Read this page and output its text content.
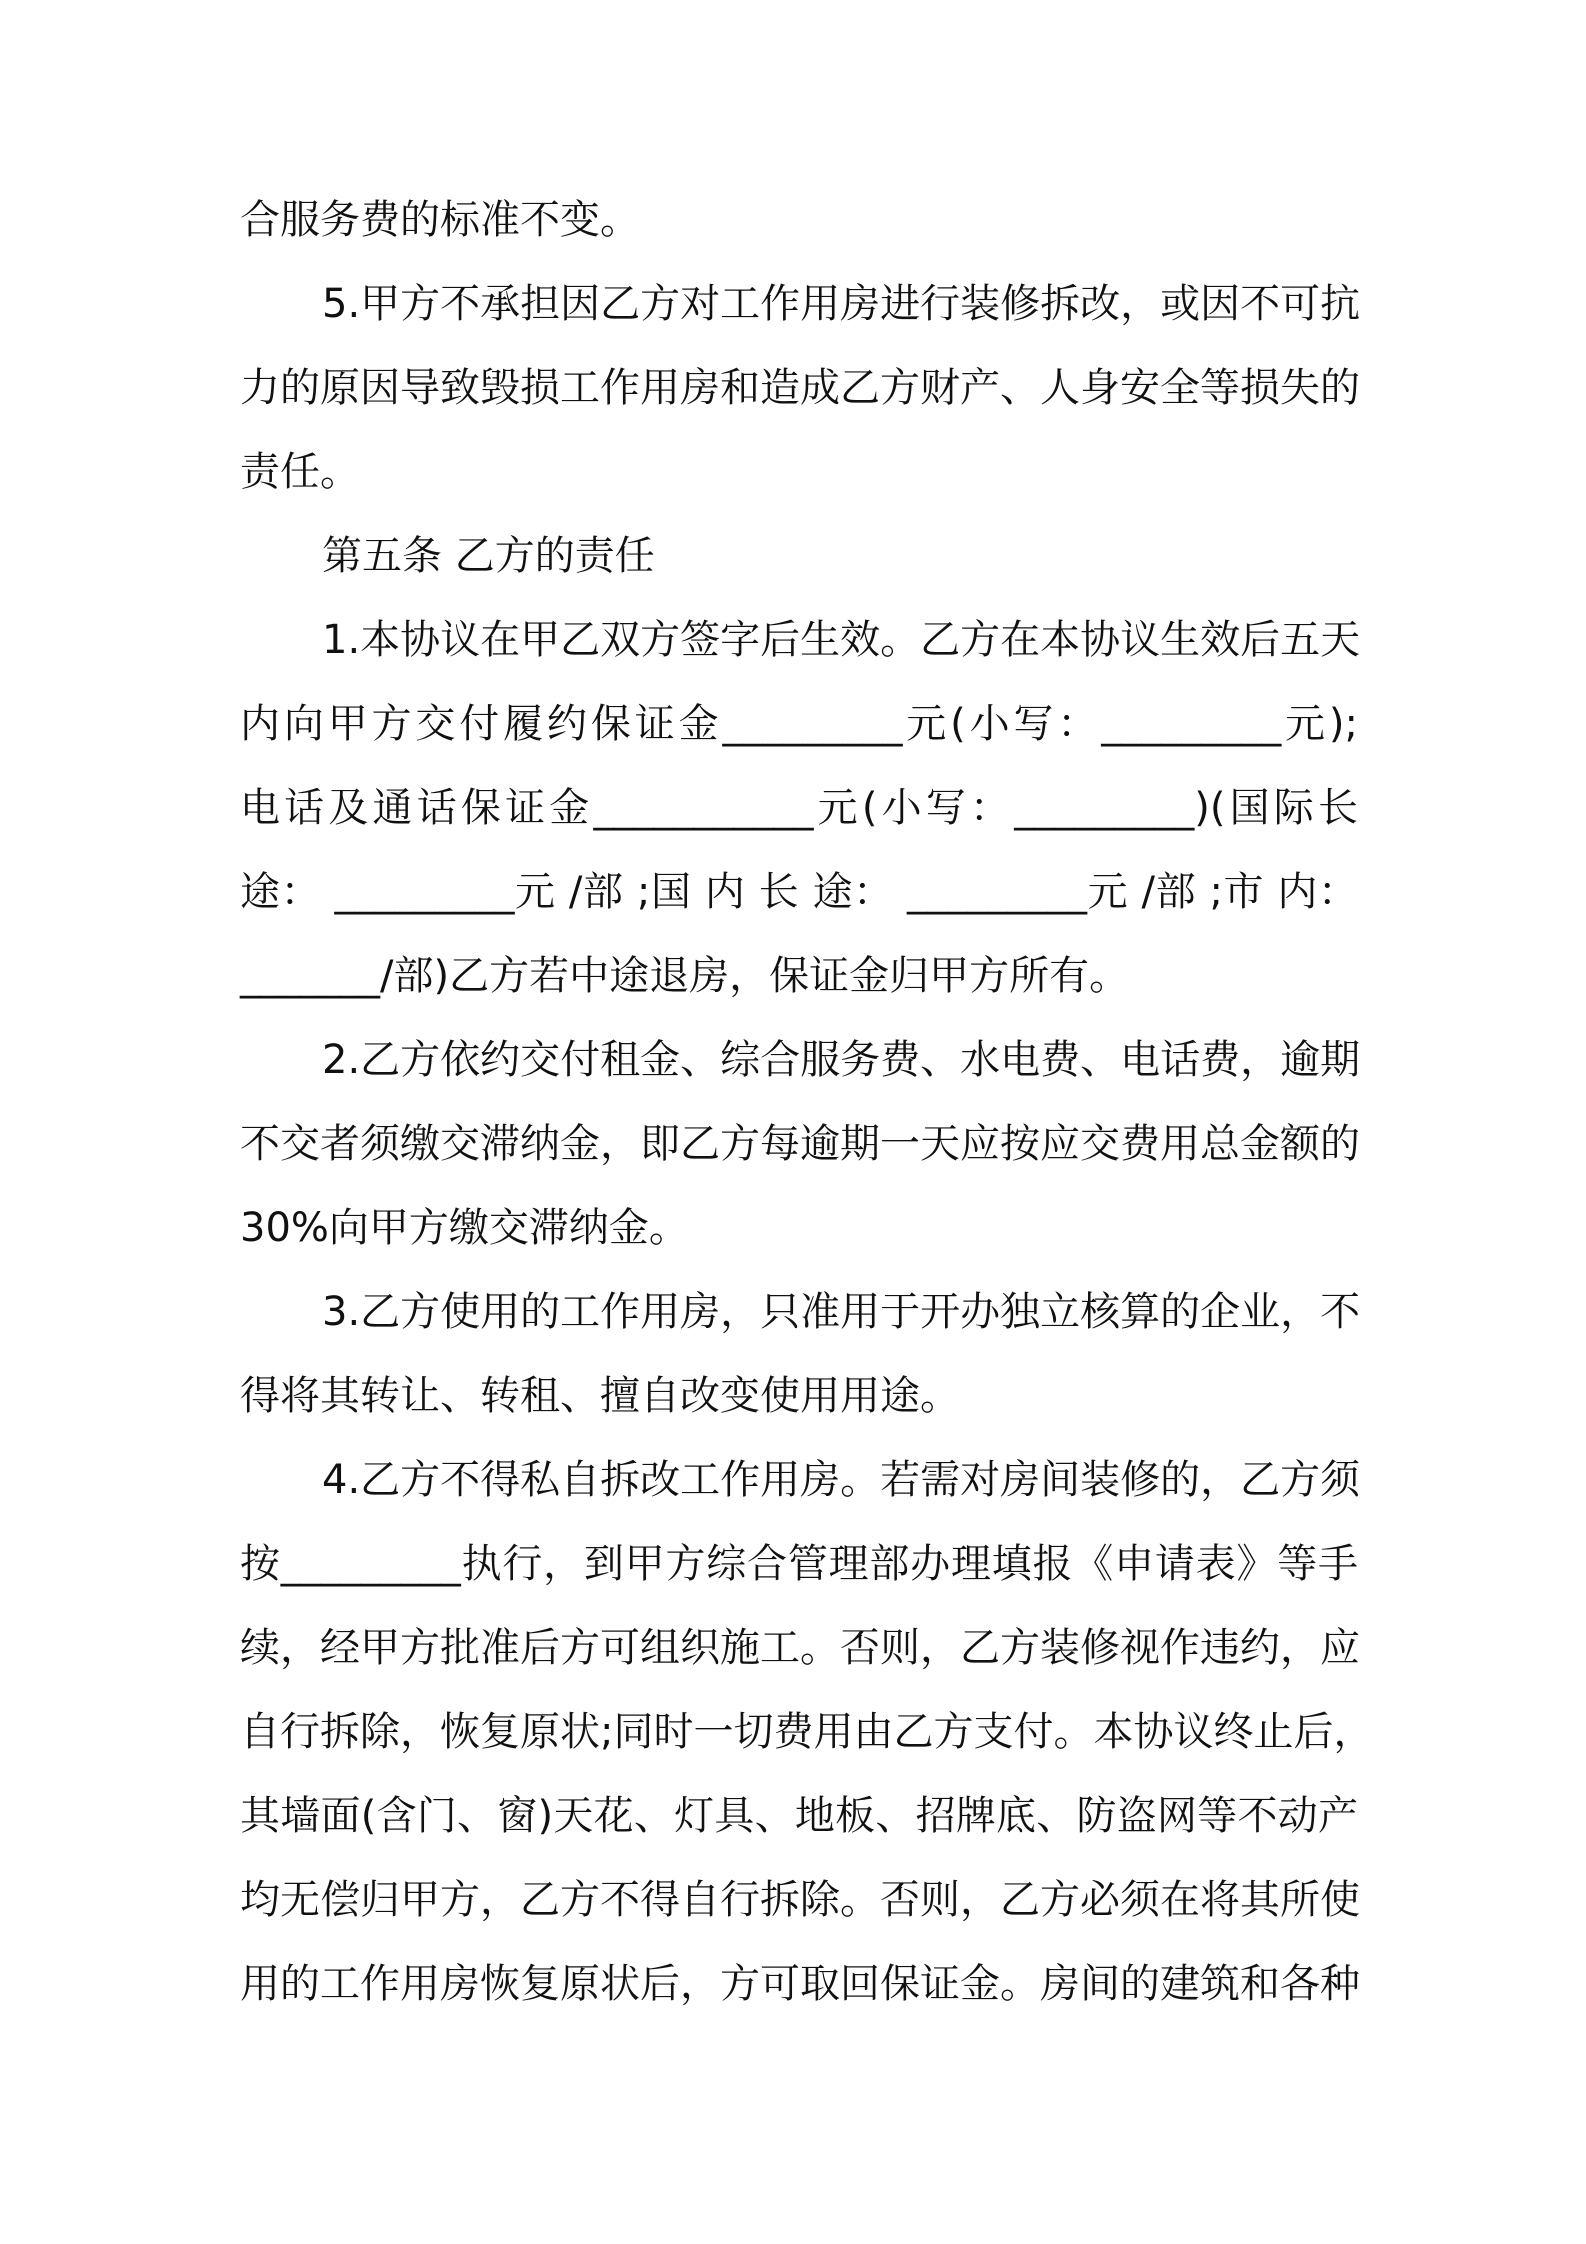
合服务费的标准不变。
5.甲方不承担因乙方对工作用房进行装修拆改，或因不可抗
力的原因导致毁损工作用房和造成乙方财产、人身安全等损失的
责任。
第五条 乙方的责任
1.本协议在甲乙双方签字后生效。乙方在本协议生效后五天
内向甲方交付履约保证金_________元(小写：_________元);
电话及通话保证金___________元(小写：_________)(国际长
途： _________元 /部 ;国 内 长 途： _________元 /部 ;市 内：
_______/部)乙方若中途退房，保证金归甲方所有。
2.乙方依约交付租金、综合服务费、水电费、电话费，逾期
不交者须缴交滞纳金，即乙方每逾期一天应按应交费用总金额的
30%向甲方缴交滞纳金。
3.乙方使用的工作用房，只准用于开办独立核算的企业，不
得将其转让、转租、擅自改变使用用途。
4.乙方不得私自拆改工作用房。若需对房间装修的，乙方须
按_________执行，到甲方综合管理部办理填报《申请表》等手
续，经甲方批准后方可组织施工。否则，乙方装修视作违约，应
自行拆除，恢复原状;同时一切费用由乙方支付。本协议终止后，
其墙面(含门、窗)天花、灯具、地板、招牌底、防盗网等不动产
均无偿归甲方，乙方不得自行拆除。否则，乙方必须在将其所使
用的工作用房恢复原状后，方可取回保证金。房间的建筑和各种
